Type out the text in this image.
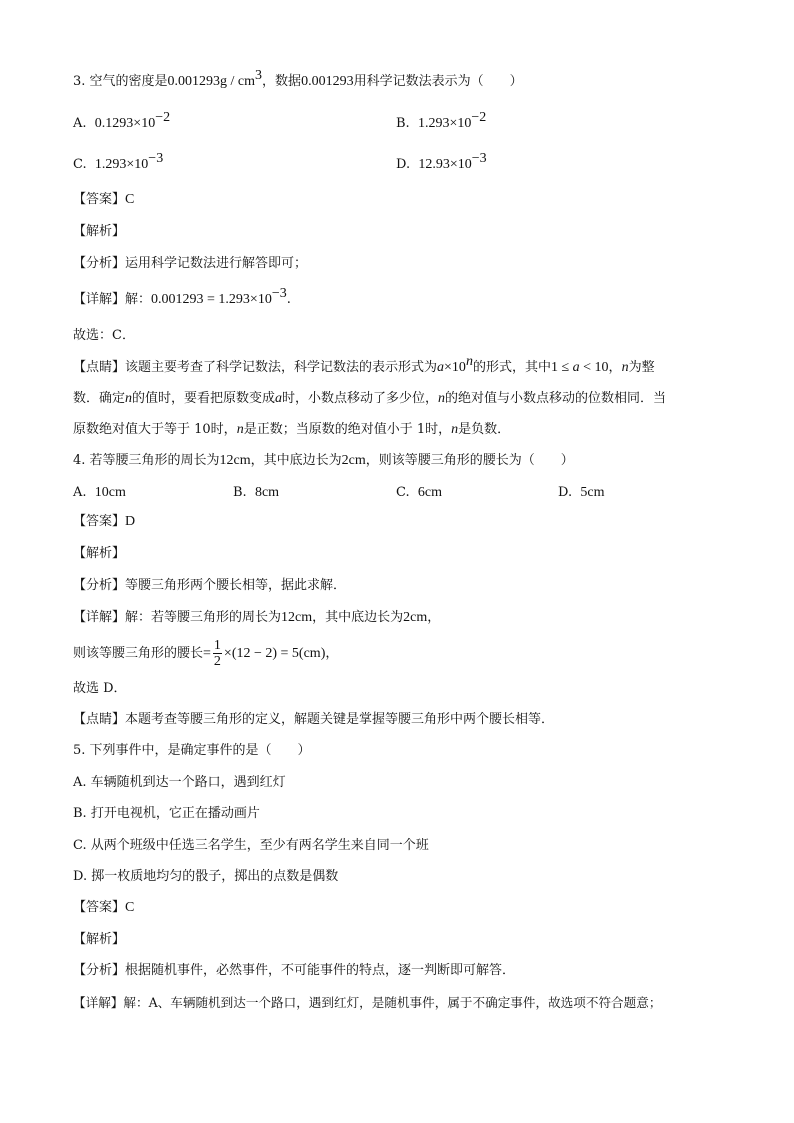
3. 空气的密度是$0.001293g / cm^3$，数据0.001293用科学记数法表示为（　　）
A. $0.1293\times 10^{-2}$	B. $1.293\times 10^{-2}$
C. $1.293\times 10^{-3}$	D. $12.93\times 10^{-3}$
【答案】C
【解析】
【分析】运用科学记数法进行解答即可；
【详解】解：$0.001293 = 1.293\times 10^{-3}$.
故选：C．
【点睛】该题主要考查了科学记数法，科学记数法的表示形式为$a\times 10^n$的形式，其中1 ≤ a < 10，n为整
数．确定n的值时，要看把原数变成a时，小数点移动了多少位，n的绝对值与小数点移动的位数相同．当
原数绝对值大于等于 10时，n是正数；当原数的绝对值小于 1时，n是负数．
4. 若等腰三角形的周长为12cm，其中底边长为2cm，则该等腰三角形的腰长为（　　）
A. 10cm	B. 8cm	C. 6cm	D. 5cm
【答案】D
【解析】
【分析】等腰三角形两个腰长相等，据此求解．
【详解】解：若等腰三角形的周长为12cm，其中底边长为2cm，
则该等腰三角形的腰长= $\frac{1}{2} \times(12 - 2) = 5(cm)$，
故选 D．
【点睛】本题考查等腰三角形的定义，解题关键是掌握等腰三角形中两个腰长相等．
5. 下列事件中，是确定事件的是（　　）
A. 车辆随机到达一个路口，遇到红灯
B. 打开电视机，它正在播动画片
C. 从两个班级中任选三名学生，至少有两名学生来自同一个班
D. 掷一枚质地均匀的骰子，掷出的点数是偶数
【答案】C
【解析】
【分析】根据随机事件，必然事件，不可能事件的特点，逐一判断即可解答．
【详解】解：A、车辆随机到达一个路口，遇到红灯，是随机事件，属于不确定事件，故选项不符合题意；
